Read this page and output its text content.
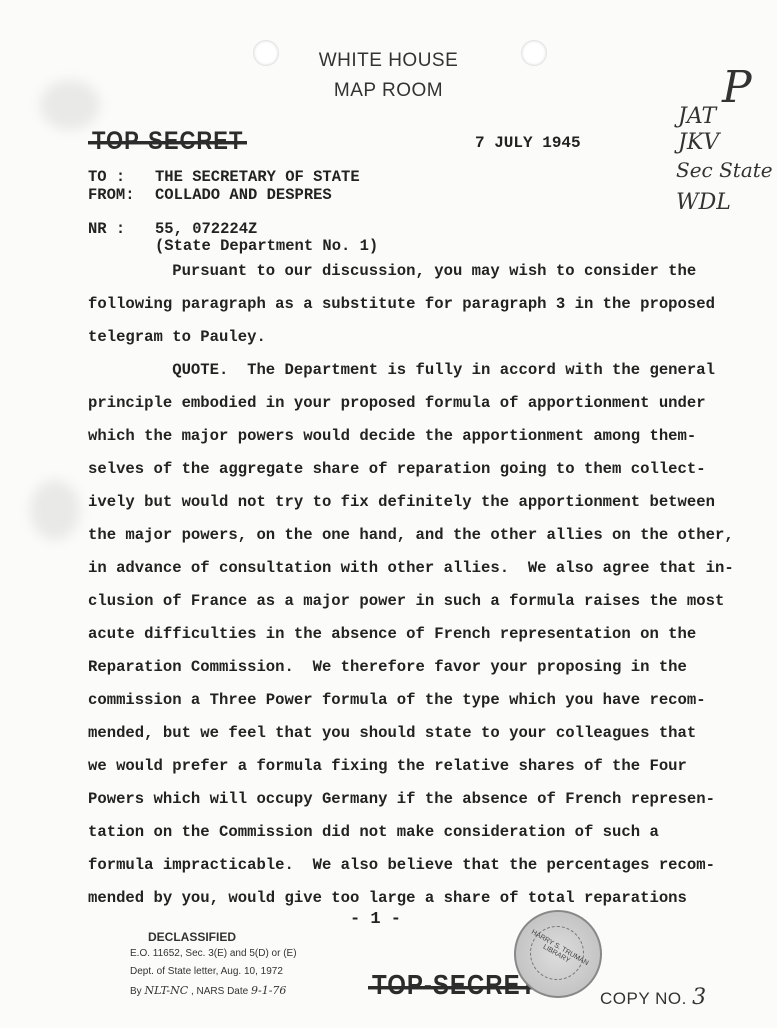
WHITE HOUSE
MAP ROOM
7 JULY 1945
TO : THE SECRETARY OF STATE
FROM: COLLADO AND DESPRES
NR : 55, 072224Z
(State Department No. 1)
P
JAT
JKV
Sec State
WDL
Pursuant to our discussion, you may wish to consider the
following paragraph as a substitute for paragraph 3 in the proposed
telegram to Pauley.
QUOTE.  The Department is fully in accord with the general
principle embodied in your proposed formula of apportionment under
which the major powers would decide the apportionment among them-
selves of the aggregate share of reparation going to them collect-
ively but would not try to fix definitely the apportionment between
the major powers, on the one hand, and the other allies on the other,
in advance of consultation with other allies.  We also agree that in-
clusion of France as a major power in such a formula raises the most
acute difficulties in the absence of French representation on the
Reparation Commission.  We therefore favor your proposing in the
commission a Three Power formula of the type which you have recom-
mended, but we feel that you should state to your colleagues that
we would prefer a formula fixing the relative shares of the Four
Powers which will occupy Germany if the absence of French represen-
tation on the Commission did not make consideration of such a
formula impracticable.  We also believe that the percentages recom-
mended by you, would give too large a share of total reparations
- 1 -
DECLASSIFIED
E.O. 11652, Sec. 3(E) and 5(D) or (E)
Dept. of State letter, Aug. 10, 1972
By NLT-NC , NARS Date 9-1-76
HARRY S. TRUMAN LIBRARY
COPY NO. 3
